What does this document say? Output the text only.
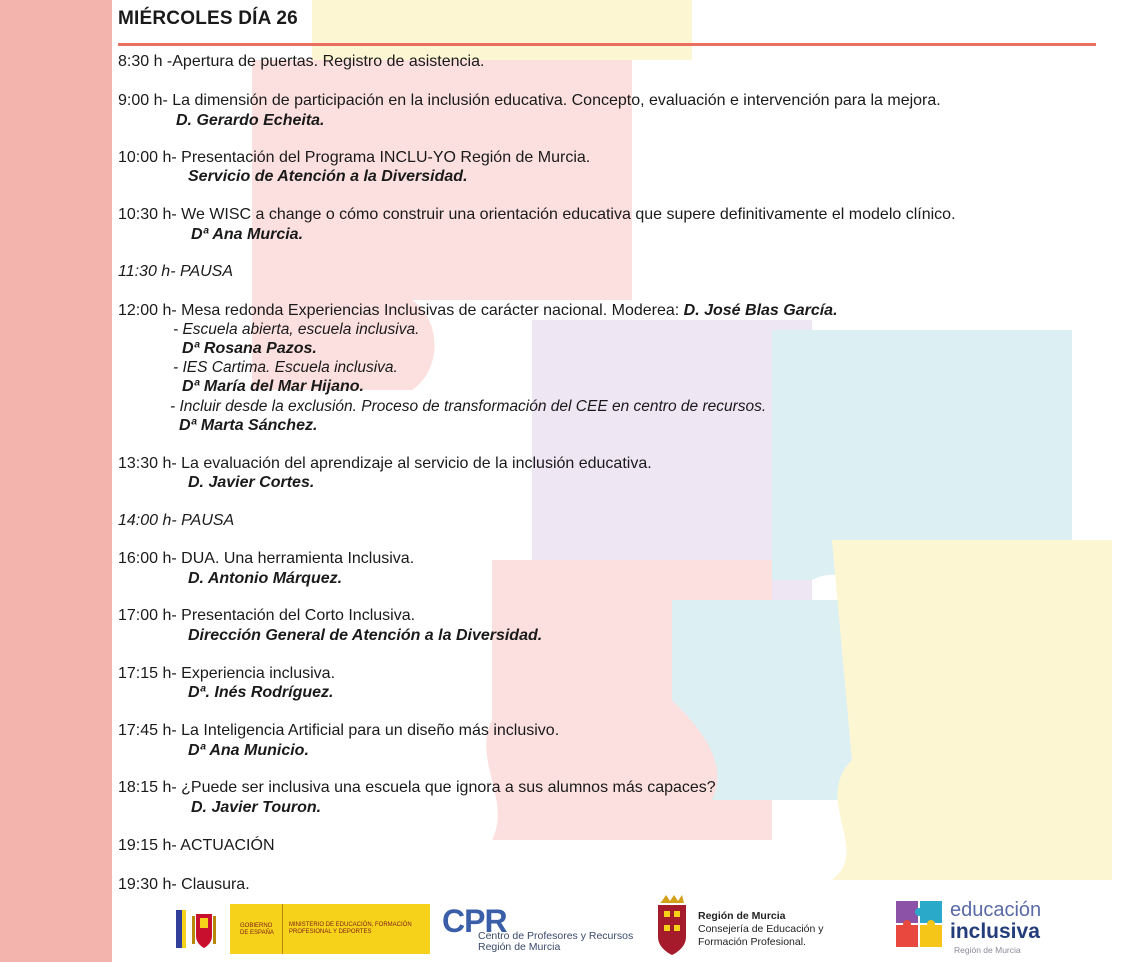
MIÉRCOLES DÍA 26
8:30 h -Apertura de puertas. Registro de asistencia.
9:00 h- La dimensión de participación en la inclusión educativa. Concepto, evaluación e intervención para la mejora.
D. Gerardo Echeita.
10:00 h- Presentación del Programa INCLU-YO Región de Murcia.
Servicio de Atención a la Diversidad.
10:30 h- We WISC a change o cómo construir una orientación educativa que supere definitivamente el modelo clínico.
Dª Ana Murcia.
11:30 h- PAUSA
12:00 h- Mesa redonda Experiencias Inclusivas de carácter nacional. Moderea: D. José Blas García.
- Escuela abierta, escuela inclusiva.
Dª Rosana Pazos.
- IES Cartima. Escuela inclusiva.
Dª María del Mar Hijano.
- Incluir desde la exclusión. Proceso de transformación del CEE en centro de recursos.
Dª Marta Sánchez.
13:30 h- La evaluación del aprendizaje al servicio de la inclusión educativa.
D. Javier Cortes.
14:00 h- PAUSA
16:00 h- DUA. Una herramienta Inclusiva.
D. Antonio Márquez.
17:00 h- Presentación del Corto Inclusiva.
Dirección General de Atención a la Diversidad.
17:15 h- Experiencia inclusiva.
Dª. Inés Rodríguez.
17:45 h- La Inteligencia Artificial para un diseño más inclusivo.
Dª Ana Municio.
18:15 h- ¿Puede ser inclusiva una escuela que ignora a sus alumnos más capaces?
D. Javier Touron.
19:15 h- ACTUACIÓN
19:30 h- Clausura.
GOBIERNO DE ESPAÑA
MINISTERIO DE EDUCACIÓN, FORMACIÓN PROFESIONAL Y DEPORTES	CPR
Centro de Profesores y Recursos
Región de Murcia
Región de Murcia
Consejería de Educación y
Formación Profesional.
educación
inclusiva
Región de Murcia
